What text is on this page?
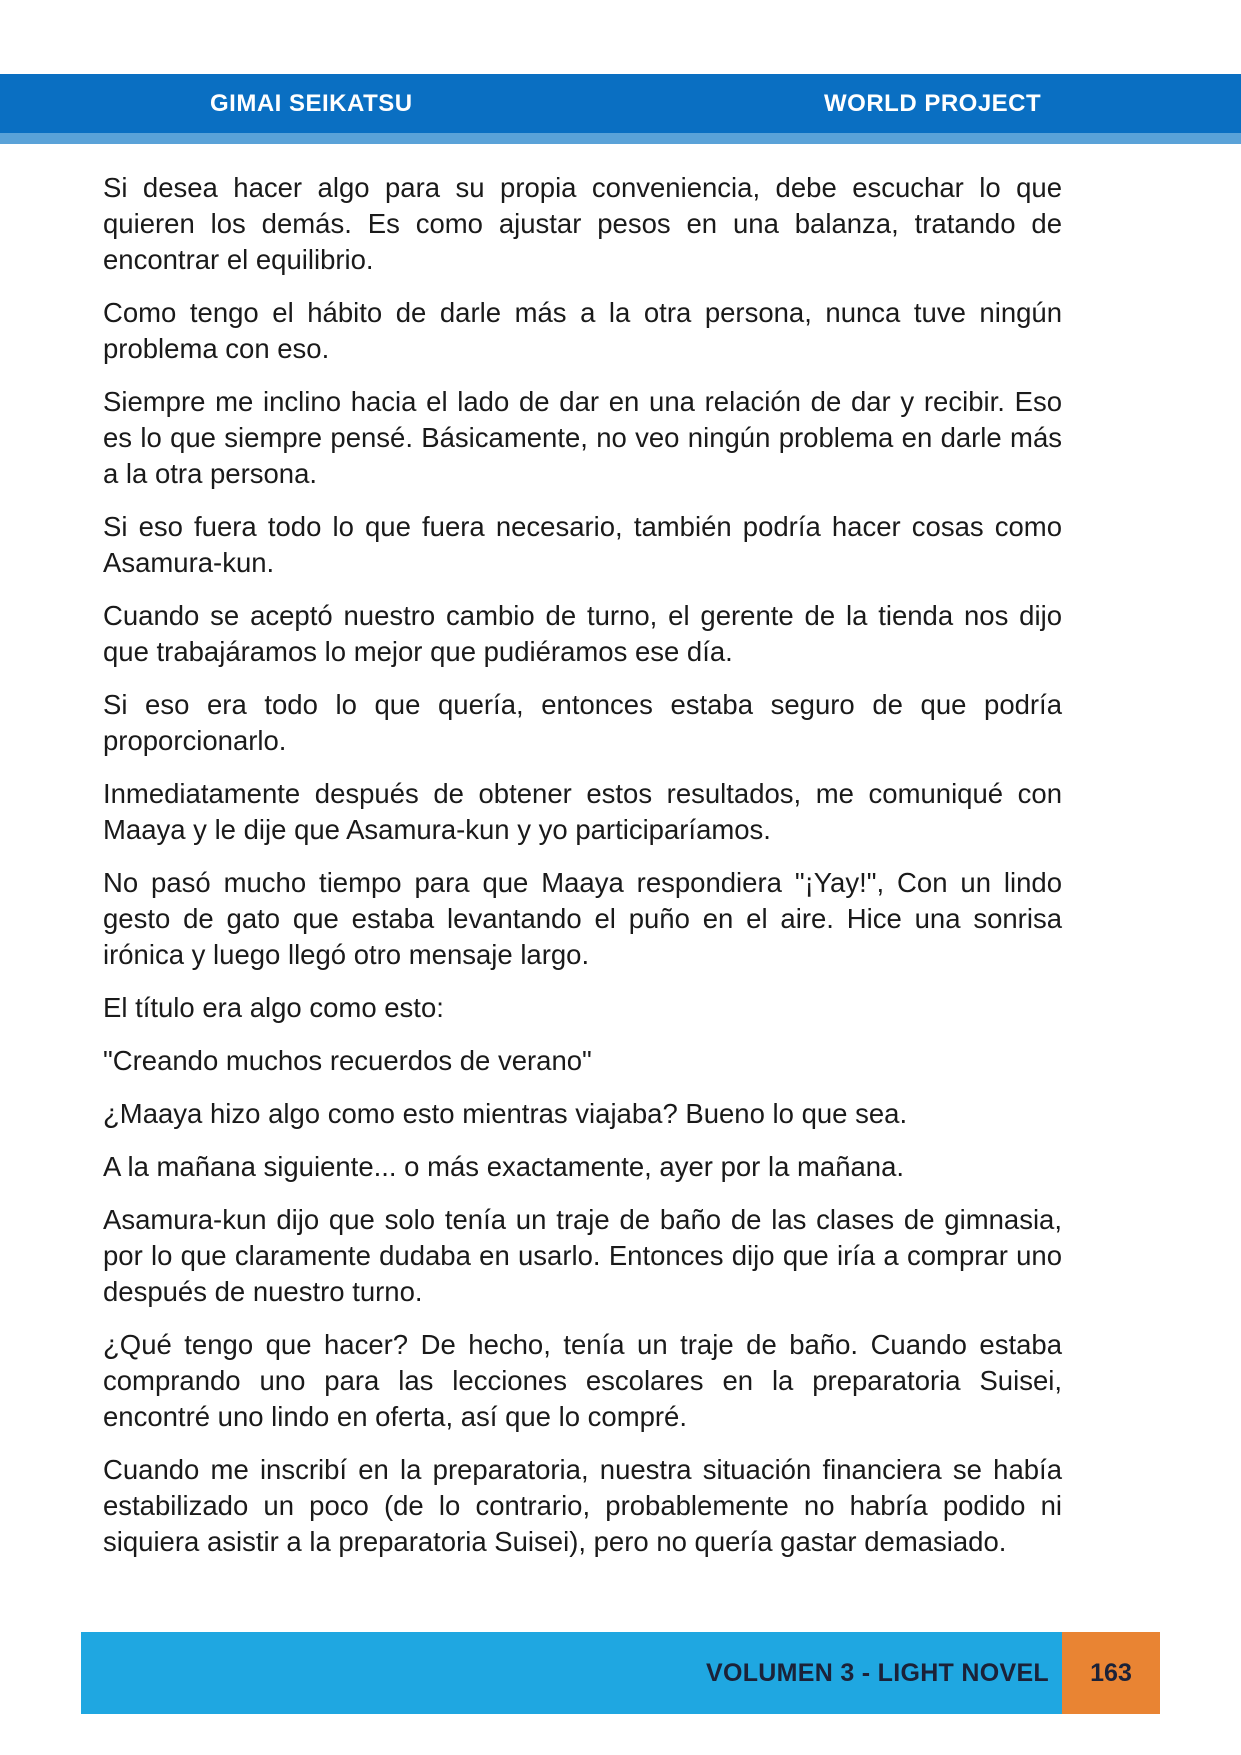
GIMAI SEIKATSU	WORLD PROJECT

Si desea hacer algo para su propia conveniencia, debe escuchar lo que quieren los demás. Es como ajustar pesos en una balanza, tratando de encontrar el equilibrio.

Como tengo el hábito de darle más a la otra persona, nunca tuve ningún problema con eso.

Siempre me inclino hacia el lado de dar en una relación de dar y recibir. Eso es lo que siempre pensé. Básicamente, no veo ningún problema en darle más a la otra persona.

Si eso fuera todo lo que fuera necesario, también podría hacer cosas como Asamura-kun.

Cuando se aceptó nuestro cambio de turno, el gerente de la tienda nos dijo que trabajáramos lo mejor que pudiéramos ese día.

Si eso era todo lo que quería, entonces estaba seguro de que podría proporcionarlo.

Inmediatamente después de obtener estos resultados, me comuniqué con Maaya y le dije que Asamura-kun y yo participaríamos.

No pasó mucho tiempo para que Maaya respondiera "¡Yay!", Con un lindo gesto de gato que estaba levantando el puño en el aire. Hice una sonrisa irónica y luego llegó otro mensaje largo.

El título era algo como esto:

"Creando muchos recuerdos de verano"

¿Maaya hizo algo como esto mientras viajaba? Bueno lo que sea.

A la mañana siguiente... o más exactamente, ayer por la mañana.

Asamura-kun dijo que solo tenía un traje de baño de las clases de gimnasia, por lo que claramente dudaba en usarlo. Entonces dijo que iría a comprar uno después de nuestro turno.

¿Qué tengo que hacer? De hecho, tenía un traje de baño. Cuando estaba comprando uno para las lecciones escolares en la preparatoria Suisei, encontré uno lindo en oferta, así que lo compré.

Cuando me inscribí en la preparatoria, nuestra situación financiera se había estabilizado un poco (de lo contrario, probablemente no habría podido ni siquiera asistir a la preparatoria Suisei), pero no quería gastar demasiado.

VOLUMEN 3 - LIGHT NOVEL	163
